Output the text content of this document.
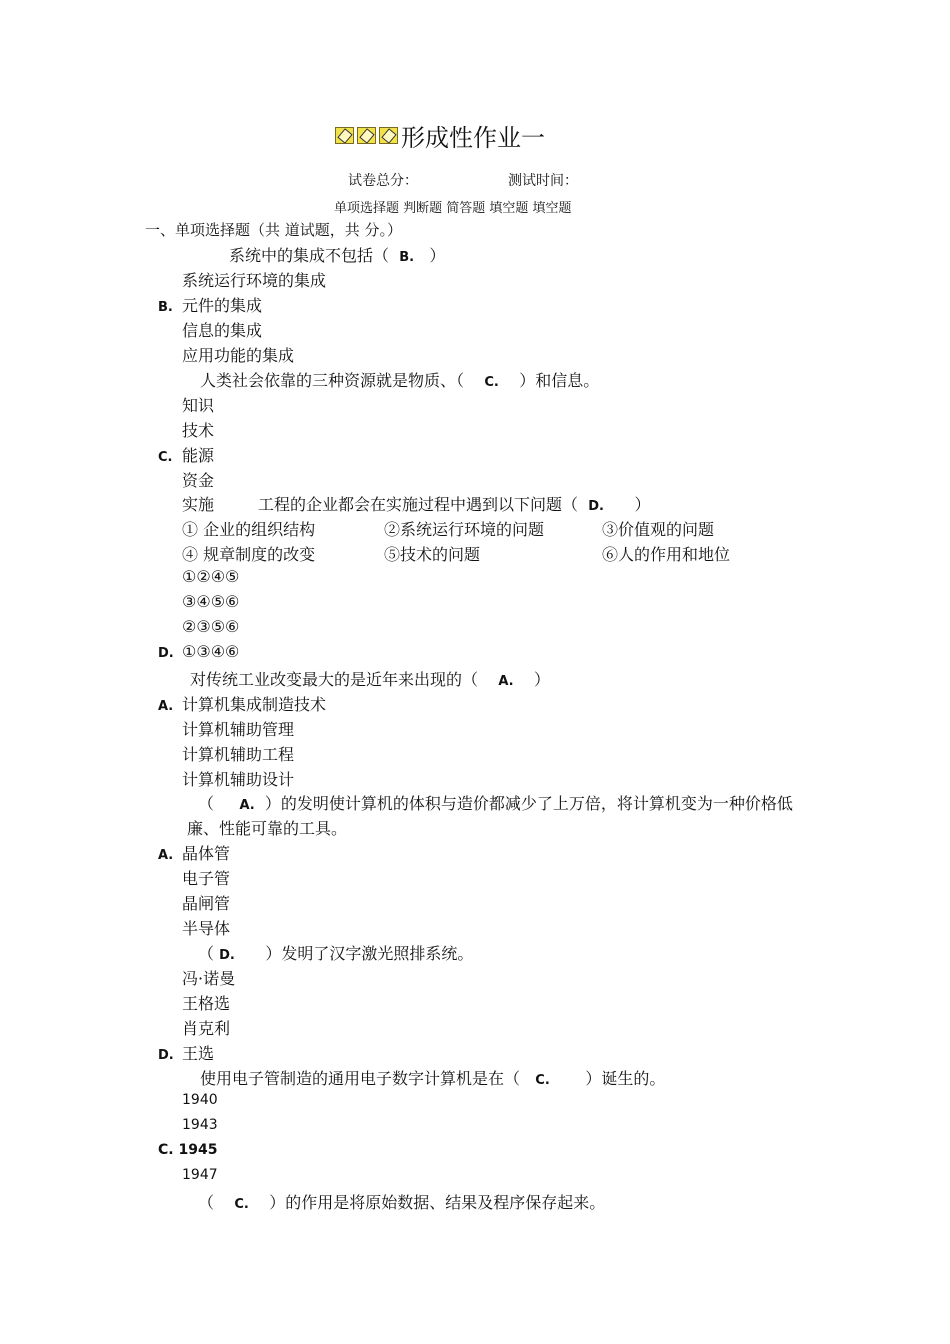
形成性作业一
试卷总分：	测试时间：
单项选择题 判断题 简答题 填空题 填空题
一、单项选择题（共 道试题，共 分。）
系统中的集成不包括（ B. ）
系统运行环境的集成
B. 元件的集成
信息的集成
应用功能的集成
人类社会依靠的三种资源就是物质、（ C. ）和信息。
知识
技术
C. 能源
资金
实施	工程的企业都会在实施过程中遇到以下问题（ D. ）
① 企业的组织结构	②系统运行环境的问题	③价值观的问题
④ 规章制度的改变	⑤技术的问题	⑥人的作用和地位
①②④⑤
③④⑤⑥
②③⑤⑥
D. ①③④⑥
对传统工业改变最大的是近年来出现的（ A. ）
A. 计算机集成制造技术
计算机辅助管理
计算机辅助工程
计算机辅助设计
（ A. ）的发明使计算机的体积与造价都减少了上万倍，将计算机变为一种价格低
廉、性能可靠的工具。
A. 晶体管
电子管
晶闸管
半导体
（ D. ）发明了汉字激光照排系统。
冯·诺曼
王格选
肖克利
D. 王选
使用电子管制造的通用电子数字计算机是在（ C. ）诞生的。
1940
1943
C. 1945
1947
（ C. ）的作用是将原始数据、结果及程序保存起来。
